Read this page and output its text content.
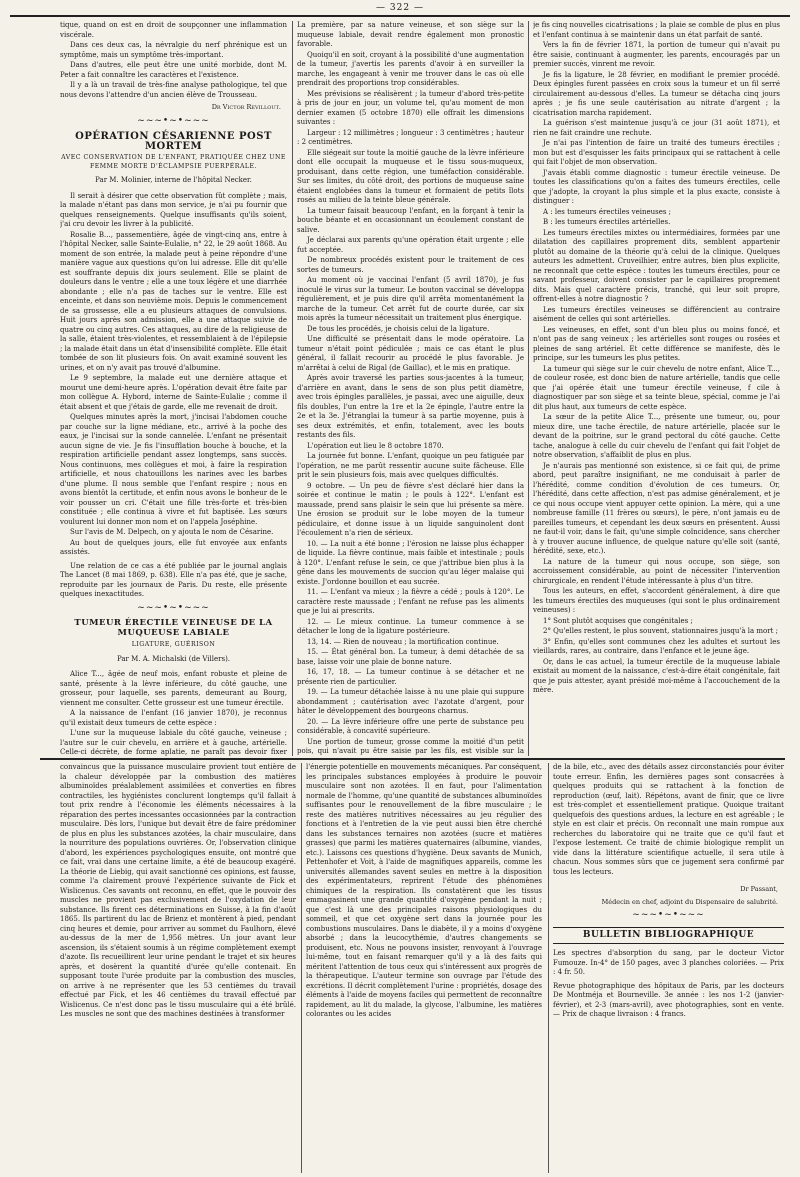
— 322 —

tique, quand on est en droit de soupçonner une inflammation viscérale.

Dans ces deux cas, la névralgie du nerf phrénique est un symptôme, mais un symptôme très-important.

Dans d'autres, elle peut être une unité morbide, dont M. Peter a fait connaître les caractères et l'existence.

Il y a là un travail de très-fine analyse pathologique, tel que nous devons l'attendre d'un ancien élève de Trousseau.

Dr Victor Revillout.
~~~•~•~~~
OPÉRATION CÉSARIENNE POST MORTEM
AVEC CONSERVATION DE L'ENFANT, PRATIQUÉE CHEZ UNE FEMME MORTE D'ÉCLAMPSIE PUERPÉRALE.
Par M. Molinier, interne de l'hôpital Necker.

Il serait à désirer que cette observation fût complète ; mais, la malade n'étant pas dans mon service, je n'ai pu fournir que quelques renseignements. Quelque insuffisants qu'ils soient, j'ai cru devoir les livrer à la publicité.

Rosalie B..., passementière, âgée de vingt-cinq ans, entre à l'hôpital Necker, salle Sainte-Eulalie, n° 22, le 29 août 1868. Au moment de son entrée, la malade peut à peine répondre d'une manière vague aux questions qu'on lui adresse. Elle dit qu'elle est souffrante depuis dix jours seulement. Elle se plaint de douleurs dans le ventre ; elle a une toux légère et une diarrhée abondante ; elle n'a pas de taches sur le ventre. Elle est enceinte, et dans son neuvième mois. Depuis le commencement de sa grossesse, elle a eu plusieurs attaques de convulsions. Huit jours après son admission, elle a une attaque suivie de quatre ou cinq autres. Ces attaques, au dire de la religieuse de la salle, étaient très-violentes, et ressemblaient à de l'épilepsie ; la malade était dans un état d'insensibilité complète. Elle était tombée de son lit plusieurs fois. On avait examiné souvent les urines, et on n'y avait pas trouvé d'albumine.

Le 9 septembre, la malade eut une dernière attaque et mourut une demi-heure après. L'opération devait être faite par mon collègue A. Hybord, interne de Sainte-Eulalie ; comme il était absent et que j'étais de garde, elle me revenait de droit.

Quelques minutes après la mort, j'incisai l'abdomen couche par couche sur la ligne médiane, etc., arrivé à la poche des eaux, je l'incisai sur la sonde cannelée. L'enfant ne présentait aucun signe de vie. Je fis l'insufflation bouche à bouche, et la respiration artificielle pendant assez longtemps, sans succès. Nous continuons, mes collègues et moi, à faire la respiration artificielle, et nous chatouillons les narines avec les barbes d'une plume. Il nous semble que l'enfant respire ; nous en avons bientôt la certitude, et enfin nous avons le bonheur de le voir pousser un cri. C'était une fille très-forte et très-bien constituée ; elle continua à vivre et fut baptisée. Les sœurs voulurent lui donner mon nom et on l'appela Joséphine.

Sur l'avis de M. Delpech, on y ajouta le nom de Césarine.

Au bout de quelques jours, elle fut envoyée aux enfants assistés.

Une relation de ce cas a été publiée par le journal anglais The Lancet (8 mai 1869, p. 638). Elle n'a pas été, que je sache, reproduite par les journaux de Paris. Du reste, elle présente quelques inexactitudes.

~~~•~•~~~
TUMEUR ÉRECTILE VEINEUSE DE LA MUQUEUSE LABIALE
LIGATURE, GUÉRISON
Par M. A. Michalski (de Villers).

Alice T..., âgée de neuf mois, enfant robuste et pleine de santé, présente à la lèvre inférieure, du côté gauche, une grosseur, pour laquelle, ses parents, demeurant au Bourg, viennent me consulter. Cette grosseur est une tumeur érectile.

A la naissance de l'enfant (16 janvier 1870), je reconnus qu'il existait deux tumeurs de cette espèce :

L'une sur la muqueuse labiale du côté gauche, veineuse ; l'autre sur le cuir chevelu, en arrière et à gauche, artérielle. Celle-ci décrète, de forme aplatie, ne paraît pas devoir fixer

La première, par sa nature veineuse, et son siège sur la muqueuse labiale, devait rendre également mon pronostic favorable.

Quoiqu'il en soit, croyant à la possibilité d'une augmentation de la tumeur, j'avertis les parents d'avoir à en surveiller la marche, les engageant à venir me trouver dans le cas où elle prendrait des proportions trop considérables.

Mes prévisions se réalisèrent ; la tumeur d'abord très-petite à pris de jour en jour, un volume tel, qu'au moment de mon dernier examen (5 octobre 1870) elle offrait les dimensions suivantes :

Largeur : 12 millimètres ; longueur : 3 centimètres ; hauteur : 2 centimètres.

Elle siégeait sur toute la moitié gauche de la lèvre inférieure dont elle occupait la muqueuse et le tissu sous-muqueux, produisant, dans cette région, une tuméfaction considérable. Sur ses limites, du côté droit, des portions de muqueuse saine étaient englobées dans la tumeur et formaient de petits îlots rosés au milieu de la teinte bleue générale.

La tumeur faisait beaucoup l'enfant, en la forçant à tenir la bouche béante et en occasionnant un écoulement constant de salive.

Je déclarai aux parents qu'une opération était urgente ; elle fut acceptée.

De nombreux procédés existent pour le traitement de ces sortes de tumeurs.

Au moment où je vaccinai l'enfant (5 avril 1870), je fus inoculé le virus sur la tumeur. Le bouton vaccinal se développa régulièrement, et je puis dire qu'il arrêta momentanément la marche de la tumeur. Cet arrêt fut de courte durée, car six mois après la tumeur nécessitait un traitement plus énergique.

De tous les procédés, je choisis celui de la ligature.

Une difficulté se présentait dans le mode opératoire. La tumeur n'était point pédiculée ; mais ce cas étant le plus général, il fallait recourir au procédé le plus favorable. Je m'arrêtai à celui de Rigal (de Gaillac), et le mis en pratique.

Après avoir traversé les parties sous-jacentes à la tumeur, d'arrière en avant, dans le sens de son plus petit diamètre, avec trois épingles parallèles, je passai, avec une aiguille, deux fils doubles, l'un entre la 1re et la 2e épingle, l'autre entre la 2e et la 3e. J'étranglai la tumeur à sa partie moyenne, puis à ses deux extrémités, et enfin, totalement, avec les bouts restants des fils.

L'opération eut lieu le 8 octobre 1870.

La journée fut bonne. L'enfant, quoique un peu fatiguée par l'opération, ne me parût ressentir aucune suite fâcheuse. Elle prit le sein plusieurs fois, mais avec quelques difficultés.

9 octobre. — Un peu de fièvre s'est déclaré hier dans la soirée et continue le matin ; le pouls à 122°. L'enfant est maussade, prend sans plaisir le sein que lui présente sa mère. Une érosion se produit sur le lobe moyen de la tumeur pédiculaire, et donne issue à un liquide sanguinolent dont l'écoulement n'a rien de sérieux.

10. — La nuit a été bonne ; l'érosion ne laisse plus échapper de liquide. La fièvre continue, mais faible et intestinale ; pouls à 120°. L'enfant refuse le sein, ce que j'attribue bien plus à la gêne dans les mouvements de succion qu'au léger malaise qui existe. J'ordonne bouillon et eau sucrée.

11. — L'enfant va mieux ; la fièvre a cédé ; pouls à 120°. Le caractère reste maussade ; l'enfant ne refuse pas les aliments que je lui ai prescrits.

12. — Le mieux continue. La tumeur commence à se détacher le long de la ligature postérieure.

13, 14. — Rien de nouveau ; la mortification continue.

15. — État général bon. La tumeur, à demi détachée de sa base, laisse voir une plaie de bonne nature.

16, 17, 18. — La tumeur continue à se détacher et ne présente rien de particulier.

19. — La tumeur détachée laisse à nu une plaie qui suppure abondamment ; cautérisation avec l'azotate d'argent, pour hâter le développement des bourgeons charnus.

20. — La lèvre inférieure offre une perte de substance peu considérable, à concavité supérieure.

Une portion de tumeur, grosse comme la moitié d'un petit pois, qui n'avait pu être saisie par les fils, est visible sur la

je fis cinq nouvelles cicatrisations ; la plaie se comble de plus en plus et l'enfant continua à se maintenir dans un état parfait de santé.

Vers la fin de février 1871, la portion de tumeur qui n'avait pu être saisie, continuant à augmenter, les parents, encouragés par un premier succès, vinrent me revoir.

Je fis la ligature, le 28 février, en modifiant le premier procédé. Deux épingles furent passées en croix sous la tumeur et un fil serré circulairement au-dessous d'elles. La tumeur se détacha cinq jours après ; je fis une seule cautérisation au nitrate d'argent ; la cicatrisation marcha rapidement.

La guérison s'est maintenue jusqu'à ce jour (31 août 1871), et rien ne fait craindre une rechute.

Je n'ai pas l'intention de faire un traité des tumeurs érectiles ; mon but est d'esquisser les faits principaux qui se rattachent à celle qui fait l'objet de mon observation.

J'avais établi comme diagnostic : tumeur érectile veineuse. De toutes les classifications qu'on a faites des tumeurs érectiles, celle que j'adopte, la croyant la plus simple et la plus exacte, consiste à distinguer :

A : les tumeurs érectiles veineuses ;

B : les tumeurs érectiles artérielles.

Les tumeurs érectiles mixtes ou intermédiaires, formées par une dilatation des capillaires proprement dits, semblent appartenir plutôt au domaine de la théorie qu'à celui de la clinique. Quelques auteurs les admettent. Cruveilhier, entre autres, bien plus explicite, ne reconnaît que cette espèce : toutes les tumeurs érectiles, pour ce savant professeur, doivent consister par le capillaires proprement dits. Mais quel caractère précis, tranché, qui leur soit propre, offrent-elles à notre diagnostic ?

Les tumeurs érectiles veineuses se différencient au contraire aisément de celles qui sont artérielles.

Les veineuses, en effet, sont d'un bleu plus ou moins foncé, et n'ont pas de sang veineux ; les artérielles sont rouges ou rosées et pleines de sang artériel. Et cette différence se manifeste, dès le principe, sur les tumeurs les plus petites.

La tumeur qui siège sur le cuir chevelu de notre enfant, Alice T..., de couleur rosée, est donc bien de nature artérielle, tandis que celle que j'ai opérée était une tumeur érectile veineuse, f cile à diagnostiquer par son siège et sa teinte bleue, spécial, comme je l'ai dit plus haut, aux tumeurs de cette espèce.

La sœur de la petite Alice T..., présente une tumeur, ou, pour mieux dire, une tache érectile, de nature artérielle, placée sur le devant de la poitrine, sur le grand pectoral du côté gauche. Cette tache, analogue à celle du cuir chevelu de l'enfant qui fait l'objet de notre observation, s'affaiblit de plus en plus.

Je n'aurais pas mentionné son existence, si ce fait qui, de prime abord, peut paraître insignifiant, ne me conduisait à parler de l'hérédité, comme condition d'évolution de ces tumeurs. Or, l'hérédité, dans cette affection, n'est pas admise généralement, et je ce qui nous occupe vient appuyer cette opinion. La mère, qui a une nombreuse famille (11 frères ou sœurs), le père, n'ont jamais eu de pareilles tumeurs, et cependant les deux sœurs en présentent. Aussi ne faut-il voir, dans le fait, qu'une simple coïncidence, sans chercher à y trouver aucune influence, de quelque nature qu'elle soit (santé, hérédité, sexe, etc.).

La nature de la tumeur qui nous occupe, son siège, son accroissement considérable, au point de nécessiter l'intervention chirurgicale, en rendent l'étude intéressante à plus d'un titre.

Tous les auteurs, en effet, s'accordent généralement, à dire que les tumeurs érectiles des muqueuses (qui sont le plus ordinairement veineuses) :

1° Sont plutôt acquises que congénitales ;

2° Qu'elles restent, le plus souvent, stationnaires jusqu'à la mort ;

3° Enfin, qu'elles sont communes chez les adultes et surtout les vieillards, rares, au contraire, dans l'enfance et le jeune âge.

Or, dans le cas actuel, la tumeur érectile de la muqueuse labiale existait au moment de la naissance, c'est-à-dire était congénitale, fait que je puis attester, ayant présidé moi-même à l'accouchement de la mère.

convaincus que la puissance musculaire provient tout entière de la chaleur développée par la combustion des matières albuminoïdes préalablement assimilées et converties en fibres contractiles, les hygiénistes conclurent longtemps qu'il fallait à tout prix rendre à l'économie les éléments nécessaires à la réparation des pertes incessantes occasionnées par la contraction musculaire. Dès lors, l'unique but devait être de faire prédominer de plus en plus les substances azotées, la chair musculaire, dans la nourriture des populations ouvrières. Or, l'observation clinique d'abord, les expériences psychologiques ensuite, ont montré que ce fait, vrai dans une certaine limite, a été de beaucoup exagéré. La théorie de Liebig, qui avait sanctionné ces opinions, est fausse, comme l'a clairement prouvé l'expérience suivante de Fick et Wislicenus. Ces savants ont reconnu, en effet, que le pouvoir des muscles ne provient pas exclusivement de l'oxydation de leur substance. Ils firent ces déterminations en Suisse, à la fin d'août 1865. Ils partirent du lac de Brienz et montèrent à pied, pendant cinq heures et demie, pour arriver au sommet du Faulhorn, élevé au-dessus de la mer de 1,956 mètres. Un jour avant leur ascension, ils s'étaient soumis à un régime complètement exempt d'azote. Ils recueillirent leur urine pendant le trajet et six heures après, et dosèrent la quantité d'urée qu'elle contenait. En supposant toute l'urée produite par la combustion des muscles, on arrive à ne représenter que les 53 centièmes du travail effectué par Fick, et les 46 centièmes du travail effectué par Wislicenus. Ce n'est donc pas le tissu musculaire qui a été brûlé. Les muscles ne sont que des machines destinées à transformer

l'énergie potentielle en mouvements mécaniques. Par conséquent, les principales substances employées à produire le pouvoir musculaire sont non azotées. Il en faut, pour l'alimentation normale de l'homme, qu'une quantité de substances albuminoïdes suffisantes pour le renouvellement de la fibre musculaire ; le reste des matières nutritives nécessaires au jeu régulier des fonctions et à l'entretien de la vie peut aussi bien être cherché dans les substances ternaires non azotées (sucre et matières grasses) que parmi les matières quaternaires (albumine, viandes, etc.). Laissons ces questions d'hygiène. Deux savants de Munich, Pettenhofer et Voit, à l'aide de magnifiques appareils, comme les universités allemandes savent seules en mettre à la disposition des expérimentateurs, reprirent l'étude des phénomènes chimiques de la respiration. Ils constatèrent que les tissus emmagasinent une grande quantité d'oxygène pendant la nuit ; que c'est là une des principales raisons physiologiques du sommeil, et que cet oxygène sert dans la journée pour les combustions musculaires. Dans le diabète, il y a moins d'oxygène absorbé ; dans la leucocythémie, d'autres changements se produisent, etc. Nous ne pouvons insister, renvoyant à l'ouvrage lui-même, tout en faisant remarquer qu'il y a là des faits qui méritent l'attention de tous ceux qui s'intéressent aux progrès de la thérapeutique. L'auteur termine son ouvrage par l'étude des excrétions. Il décrit complètement l'urine : propriétés, dosage des éléments à l'aide de moyens faciles qui permettent de reconnaître rapidement, au lit du malade, la glycose, l'albumine, les matières colorantes ou les acides

de la bile, etc., avec des détails assez circonstanciés pour éviter toute erreur. Enfin, les dernières pages sont consacrées à quelques produits qui se rattachent à la fonction de reproduction (œuf, lait). Répétons, avant de finir, que ce livre est très-complet et essentiellement pratique. Quoique traitant quelquefois des questions ardues, la lecture en est agréable ; le style en est clair et précis. On reconnaît une main rompue aux recherches du laboratoire qui ne traite que ce qu'il faut et l'expose lestement. Ce traité de chimie biologique remplit un vide dans la littérature scientifique actuelle, il sera utile à chacun. Nous sommes sûrs que ce jugement sera confirmé par tous les lecteurs.

Dr Passant,
Médecin en chef, adjoint du Dispensaire de salubrité.
~~~•~•~~~
BULLETIN BIBLIOGRAPHIQUE

Les spectres d'absorption du sang, par le docteur Victor Fumouze. In-4° de 150 pages, avec 3 planches coloriées. — Prix : 4 fr. 50.

Revue photographique des hôpitaux de Paris, par les docteurs De Montméja et Bourneville. 3e année : les nos 1-2 (janvier-février), et 2-3 (mars-avril), avec photographies, sont en vente. — Prix de chaque livraison : 4 francs.
